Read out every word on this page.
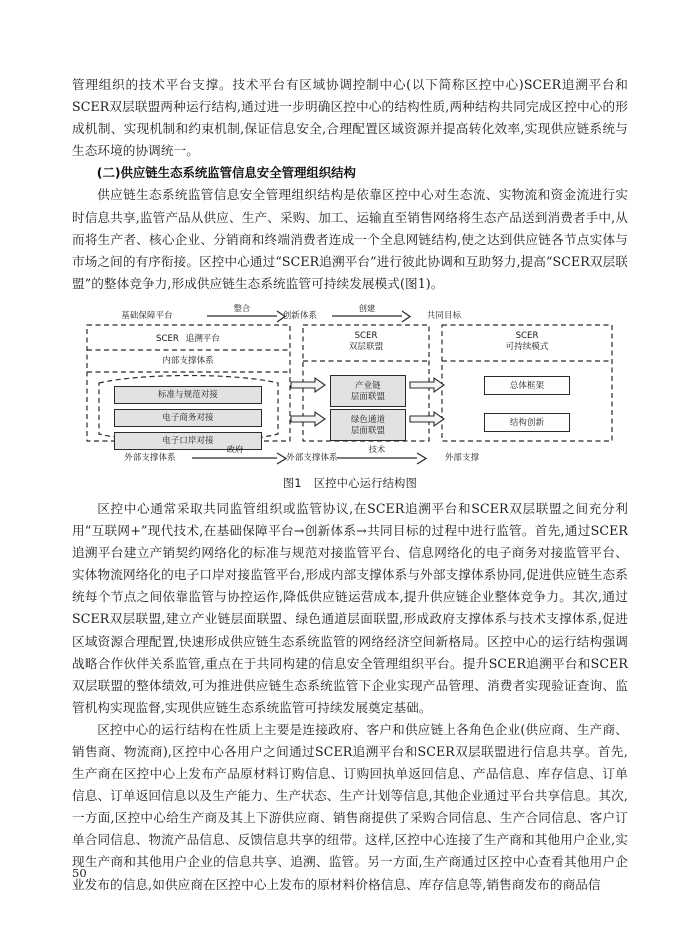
管理组织的技术平台支撑。技术平台有区域协调控制中心(以下简称区控中心)SCER追溯平台和SCER双层联盟两种运行结构,通过进一步明确区控中心的结构性质,两种结构共同完成区控中心的形成机制、实现机制和约束机制,保证信息安全,合理配置区域资源并提高转化效率,实现供应链系统与生态环境的协调统一。

(二)供应链生态系统监管信息安全管理组织结构

供应链生态系统监管信息安全管理组织结构是依靠区控中心对生态流、实物流和资金流进行实时信息共享,监管产品从供应、生产、采购、加工、运输直至销售网络将生态产品送到消费者手中,从而将生产者、核心企业、分销商和终端消费者连成一个全息网链结构,使之达到供应链各节点实体与市场之间的有序衔接。区控中心通过“SCER追溯平台”进行彼此协调和互助努力,提高“SCER双层联盟”的整体竞争力,形成供应链生态系统监管可持续发展模式(图1)。

基础保障平台
整合
创新体系
创建
共同目标
SCER 追溯平台
内部支撑体系
SCER
双层联盟
SCER
可持续模式
标准与规范对接
电子商务对接
电子口岸对接
产业链
层面联盟
绿色通道
层面联盟
总体框架
结构创新
外部支撑体系
政府
外部支撑体系
技术
外部支撑
图1 区控中心运行结构图

区控中心通常采取共同监管组织或监管协议,在SCER追溯平台和SCER双层联盟之间充分利用“互联网+”现代技术,在基础保障平台→创新体系→共同目标的过程中进行监管。首先,通过SCER追溯平台建立产销契约网络化的标准与规范对接监管平台、信息网络化的电子商务对接监管平台、实体物流网络化的电子口岸对接监管平台,形成内部支撑体系与外部支撑体系协同,促进供应链生态系统每个节点之间依靠监管与协控运作,降低供应链运营成本,提升供应链企业整体竞争力。其次,通过SCER双层联盟,建立产业链层面联盟、绿色通道层面联盟,形成政府支撑体系与技术支撑体系,促进区域资源合理配置,快速形成供应链生态系统监管的网络经济空间新格局。区控中心的运行结构强调战略合作伙伴关系监管,重点在于共同构建的信息安全管理组织平台。提升SCER追溯平台和SCER双层联盟的整体绩效,可为推进供应链生态系统监管下企业实现产品管理、消费者实现验证查询、监管机构实现监督,实现供应链生态系统监管可持续发展奠定基础。

区控中心的运行结构在性质上主要是连接政府、客户和供应链上各角色企业(供应商、生产商、销售商、物流商),区控中心各用户之间通过SCER追溯平台和SCER双层联盟进行信息共享。首先,生产商在区控中心上发布产品原材料订购信息、订购回执单返回信息、产品信息、库存信息、订单信息、订单返回信息以及生产能力、生产状态、生产计划等信息,其他企业通过平台共享信息。其次,一方面,区控中心给生产商及其上下游供应商、销售商提供了采购合同信息、生产合同信息、客户订单合同信息、物流产品信息、反馈信息共享的纽带。这样,区控中心连接了生产商和其他用户企业,实现生产商和其他用户企业的信息共享、追溯、监管。另一方面,生产商通过区控中心查看其他用户企业发布的信息,如供应商在区控中心上发布的原材料价格信息、库存信息等,销售商发布的商品信

50
